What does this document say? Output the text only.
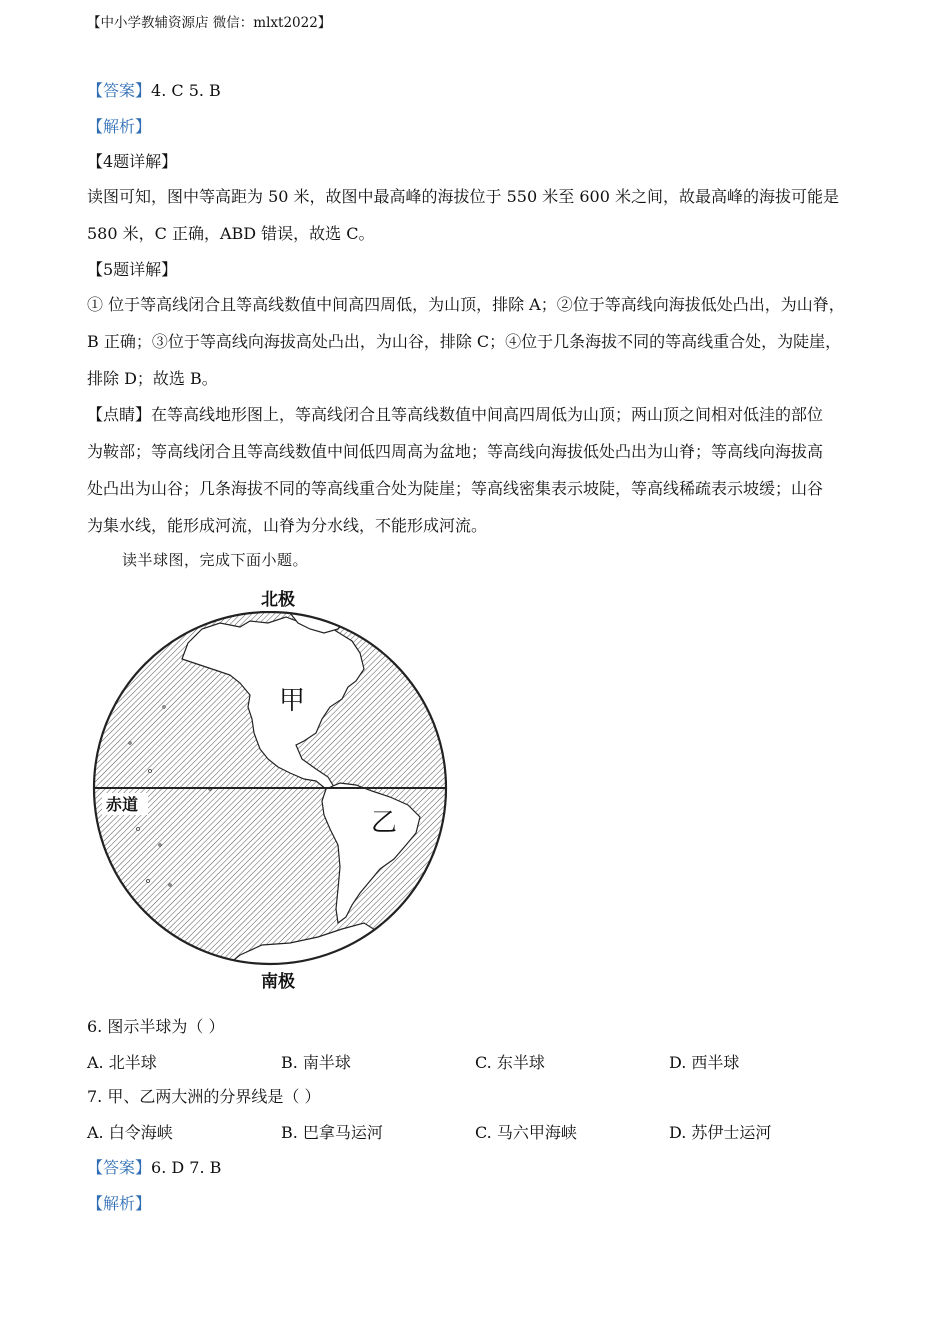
【中小学教辅资源店 微信：mlxt2022】
【答案】4. C 5. B
【解析】
【4题详解】
读图可知，图中等高距为 50 米，故图中最高峰的海拔位于 550 米至 600 米之间，故最高峰的海拔可能是
580 米，C 正确，ABD 错误，故选 C。
【5题详解】
① 位于等高线闭合且等高线数值中间高四周低，为山顶，排除 A；②位于等高线向海拔低处凸出，为山脊，
B 正确；③位于等高线向海拔高处凸出，为山谷，排除 C；④位于几条海拔不同的等高线重合处，为陡崖，
排除 D；故选 B。
【点睛】在等高线地形图上，等高线闭合且等高线数值中间高四周低为山顶；两山顶之间相对低洼的部位
为鞍部；等高线闭合且等高线数值中间低四周高为盆地；等高线向海拔低处凸出为山脊；等高线向海拔高
处凸出为山谷；几条海拔不同的等高线重合处为陡崖；等高线密集表示坡陡，等高线稀疏表示坡缓；山谷
为集水线，能形成河流，山脊为分水线，不能形成河流。
读半球图，完成下面小题。
北极
南极
赤道
甲
乙
6. 图示半球为（ ）
A. 北半球	B. 南半球	C. 东半球	D. 西半球
7. 甲、乙两大洲的分界线是（ ）
A. 白令海峡	B. 巴拿马运河	C. 马六甲海峡	D. 苏伊士运河
【答案】6. D 7. B
【解析】
